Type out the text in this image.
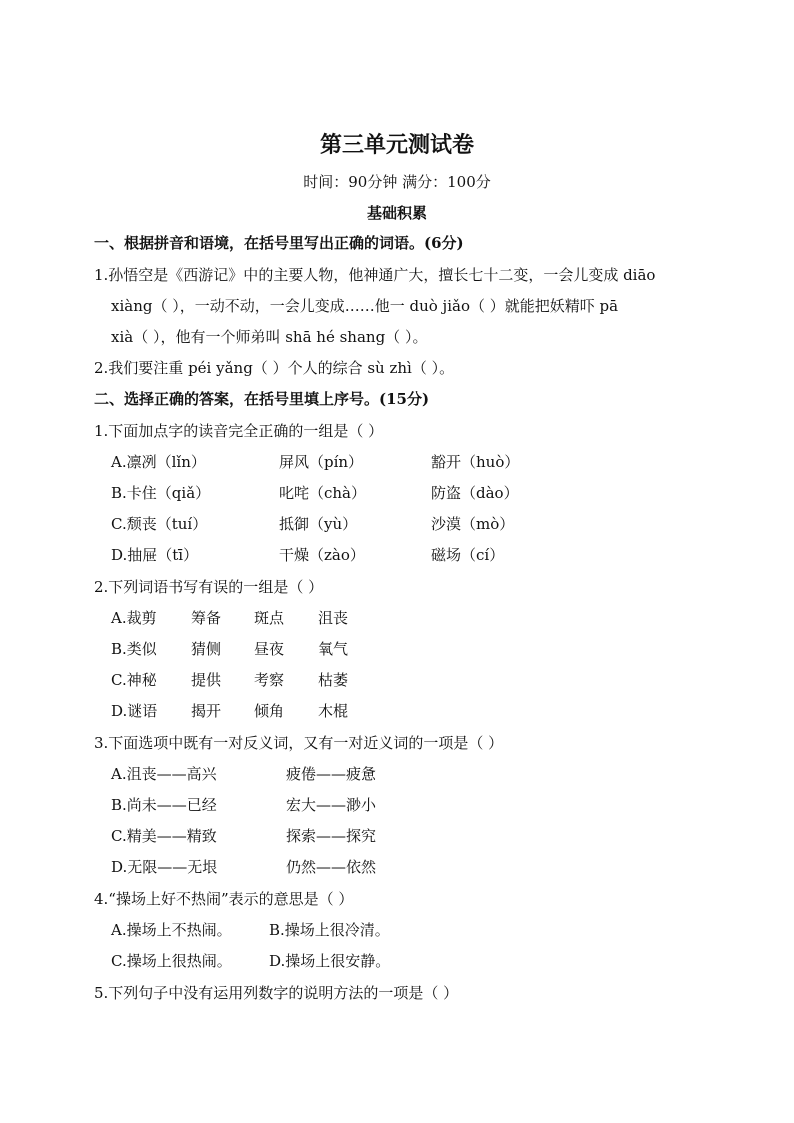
第三单元测试卷
时间：90分钟 满分：100分
基础积累
一、根据拼音和语境，在括号里写出正确的词语。(6分)
1.孙悟空是《西游记》中的主要人物，他神通广大，擅长七十二变，一会儿变成 diāo
xiàng（ ），一动不动，一会儿变成……他一 duò jiǎo（ ）就能把妖精吓 pā
xià（ ），他有一个师弟叫 shā hé shang（ ）。
2.我们要注重 péi yǎng（ ）个人的综合 sù zhì（ ）。
二、选择正确的答案，在括号里填上序号。(15分)
1.下面加点字的读音完全正确的一组是（ ）
A.凛冽（lǐn）	屏风（pín）	豁开（huò）
B.卡住（qiǎ）	叱咤（chà）	防盗（dào）
C.颓丧（tuí）	抵御（yù）	沙漠（mò）
D.抽屉（tī）	干燥（zào）	磁场（cí）
2.下列词语书写有误的一组是（ ）
A.裁剪 筹备 斑点 沮丧
B.类似 猜侧 昼夜 氧气
C.神秘 提供 考察 枯萎
D.谜语 揭开 倾角 木棍
3.下面选项中既有一对反义词，又有一对近义词的一项是（ ）
A.沮丧——高兴	疲倦——疲惫
B.尚未——已经	宏大——渺小
C.精美——精致	探索——探究
D.无限——无垠	仍然——依然
4.“操场上好不热闹”表示的意思是（ ）
A.操场上不热闹。 B.操场上很冷清。
C.操场上很热闹。 D.操场上很安静。
5.下列句子中没有运用列数字的说明方法的一项是（ ）
